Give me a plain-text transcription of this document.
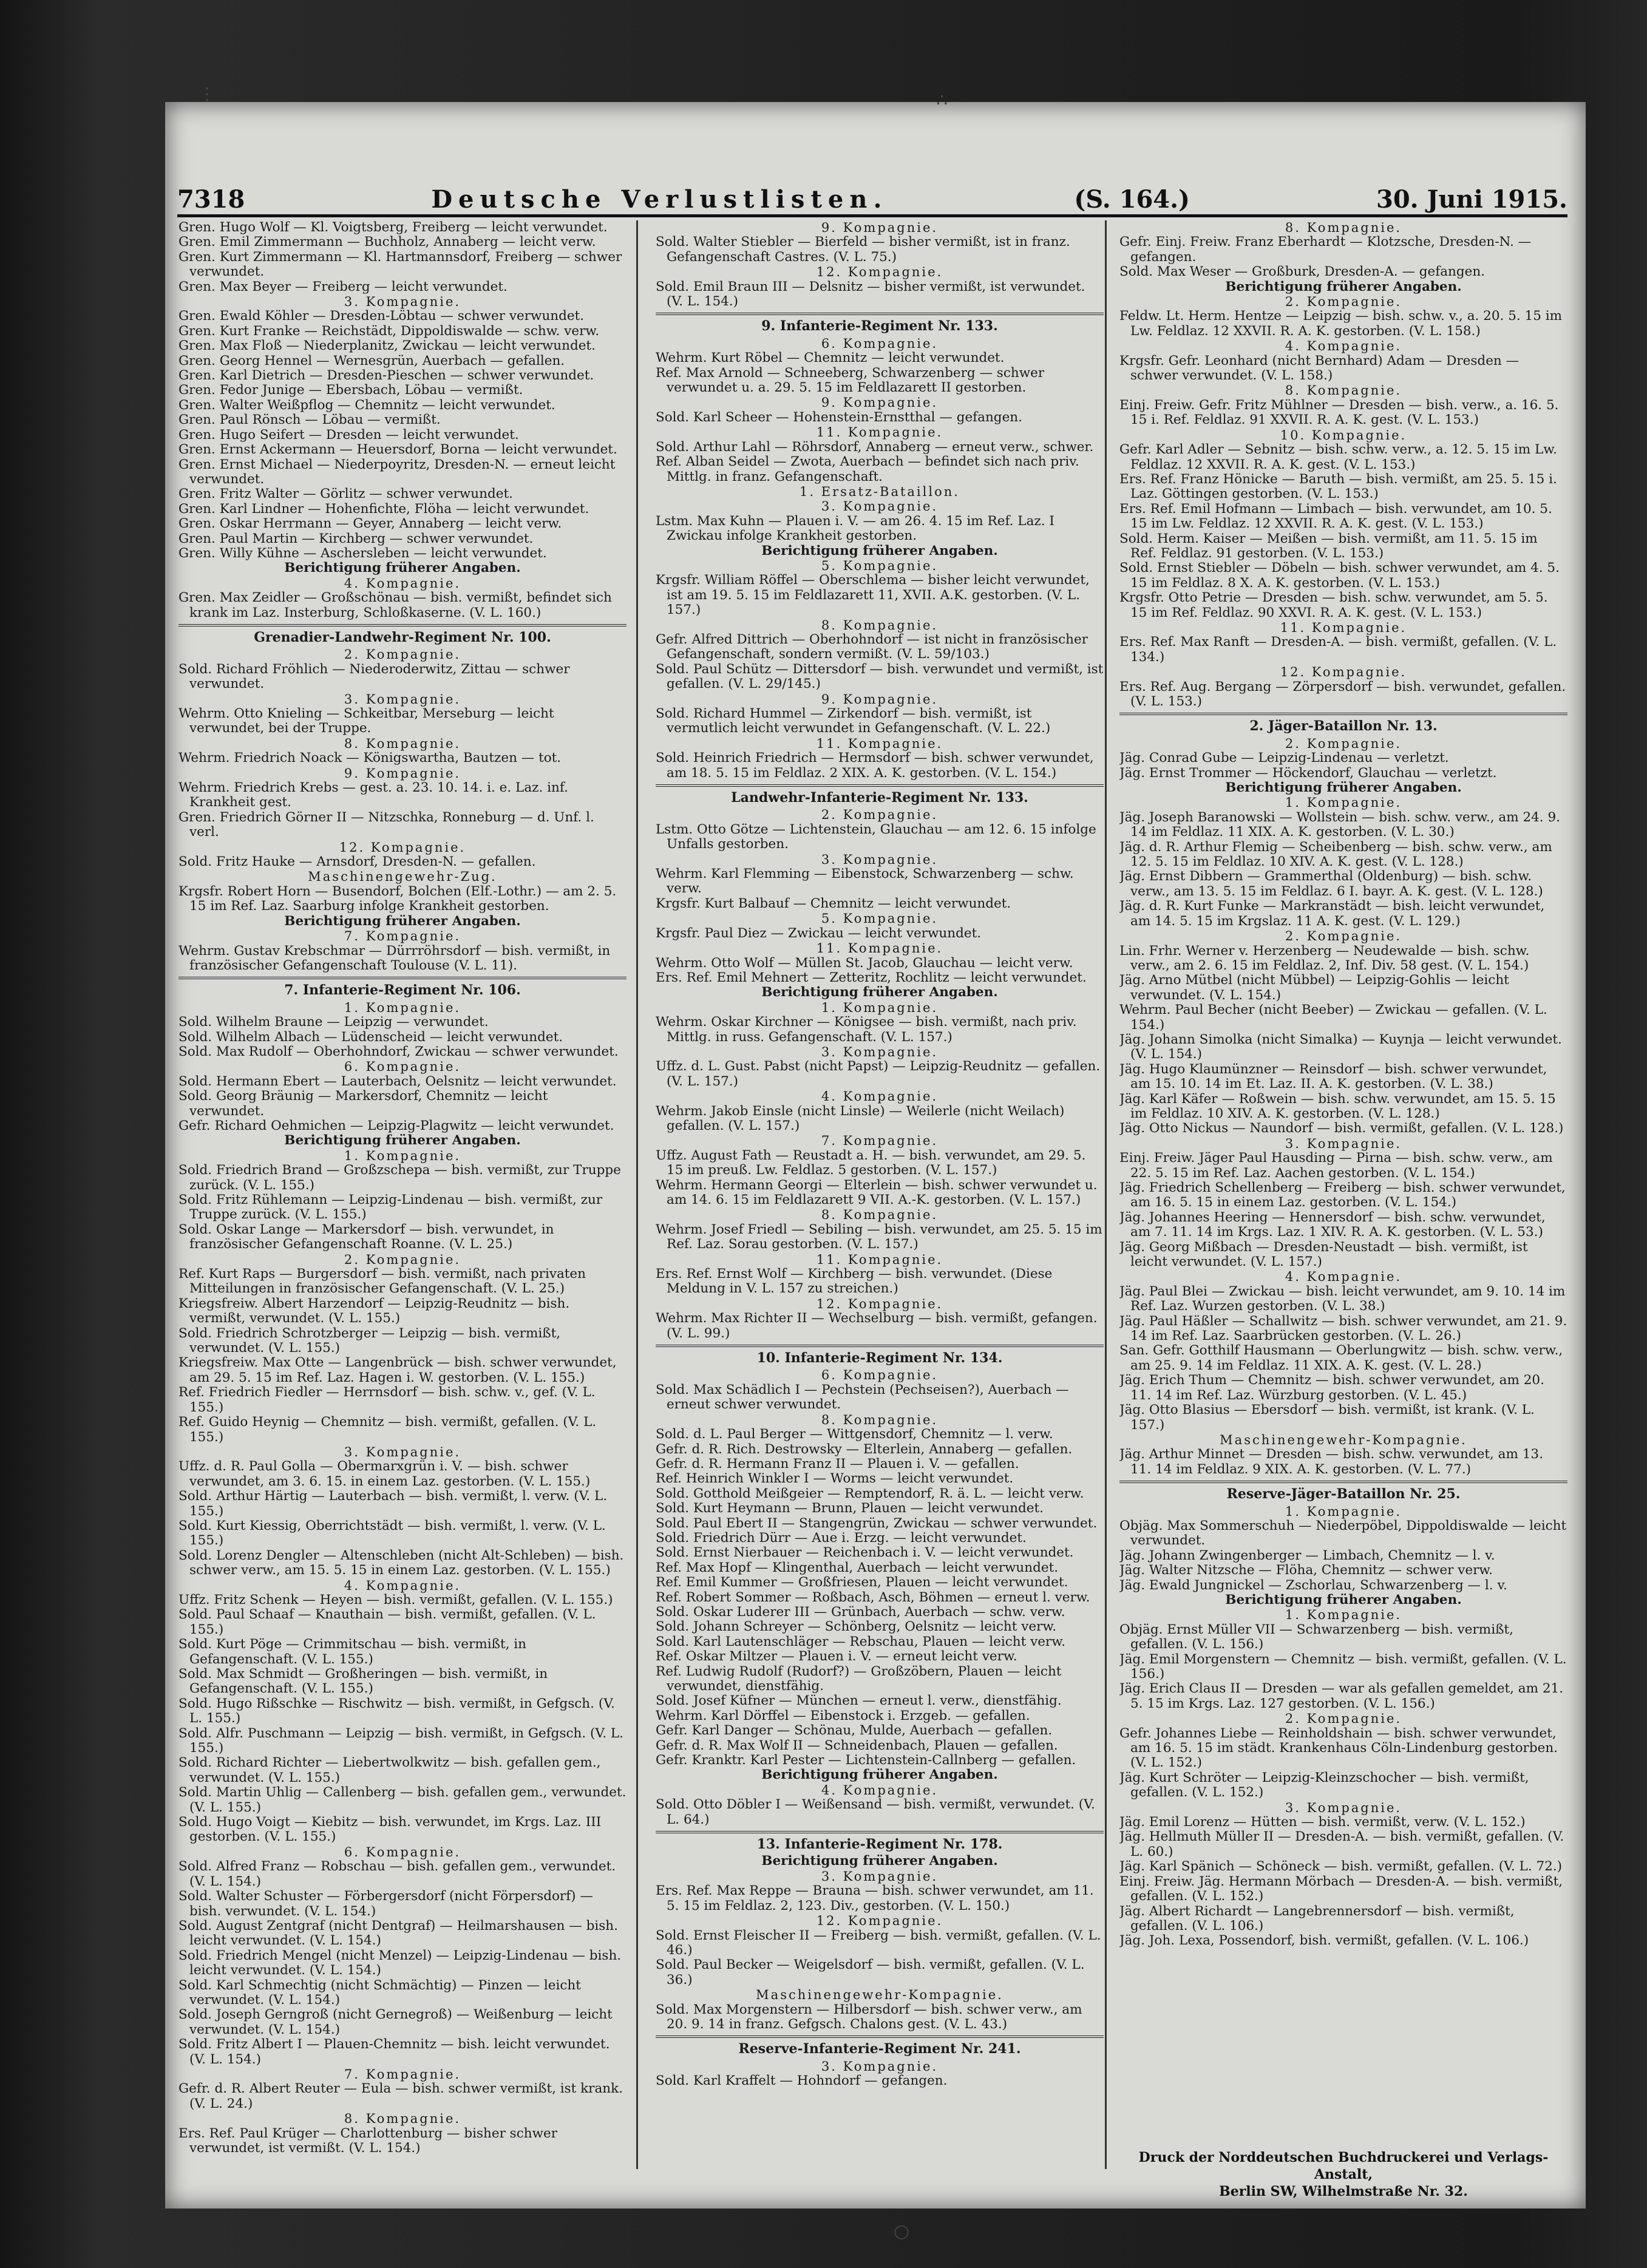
⋮	∴
○
7318	Deutsche Verlustlisten.	(S. 164.)	30. Juni 1915.
Gren. Hugo Wolf — Kl. Voigtsberg, Freiberg — leicht verwundet.
Gren. Emil Zimmermann — Buchholz, Annaberg — leicht verw.
Gren. Kurt Zimmermann — Kl. Hartmannsdorf, Freiberg — schwer verwundet.
Gren. Max Beyer — Freiberg — leicht verwundet.
3. Kompagnie.
Gren. Ewald Köhler — Dresden-Löbtau — schwer verwundet.
Gren. Kurt Franke — Reichstädt, Dippoldiswalde — schw. verw.
Gren. Max Floß — Niederplanitz, Zwickau — leicht verwundet.
Gren. Georg Hennel — Wernesgrün, Auerbach — gefallen.
Gren. Karl Dietrich — Dresden-Pieschen — schwer verwundet.
Gren. Fedor Junige — Ebersbach, Löbau — vermißt.
Gren. Walter Weißpflog — Chemnitz — leicht verwundet.
Gren. Paul Rönsch — Löbau — vermißt.
Gren. Hugo Seifert — Dresden — leicht verwundet.
Gren. Ernst Ackermann — Heuersdorf, Borna — leicht verwundet.
Gren. Ernst Michael — Niederpoyritz, Dresden-N. — erneut leicht verwundet.
Gren. Fritz Walter — Görlitz — schwer verwundet.
Gren. Karl Lindner — Hohenfichte, Flöha — leicht verwundet.
Gren. Oskar Herrmann — Geyer, Annaberg — leicht verw.
Gren. Paul Martin — Kirchberg — schwer verwundet.
Gren. Willy Kühne — Aschersleben — leicht verwundet.
Berichtigung früherer Angaben.
4. Kompagnie.
Gren. Max Zeidler — Großschönau — bish. vermißt, befindet sich krank im Laz. Insterburg, Schloßkaserne. (V. L. 160.)
Grenadier-Landwehr-Regiment Nr. 100.
2. Kompagnie.
Sold. Richard Fröhlich — Niederoderwitz, Zittau — schwer verwundet.
3. Kompagnie.
Wehrm. Otto Knieling — Schkeitbar, Merseburg — leicht verwundet, bei der Truppe.
8. Kompagnie.
Wehrm. Friedrich Noack — Königswartha, Bautzen — tot.
9. Kompagnie.
Wehrm. Friedrich Krebs — gest. a. 23. 10. 14. i. e. Laz. inf. Krankheit gest.
Gren. Friedrich Görner II — Nitzschka, Ronneburg — d. Unf. l. verl.
12. Kompagnie.
Sold. Fritz Hauke — Arnsdorf, Dresden-N. — gefallen.
Maschinengewehr-Zug.
Krgsfr. Robert Horn — Busendorf, Bolchen (Elf.-Lothr.) — am 2. 5. 15 im Ref. Laz. Saarburg infolge Krankheit gestorben.
Berichtigung früherer Angaben.
7. Kompagnie.
Wehrm. Gustav Krebschmar — Dürrröhrsdorf — bish. vermißt, in französischer Gefangenschaft Toulouse (V. L. 11).
7. Infanterie-Regiment Nr. 106.
1. Kompagnie.
Sold. Wilhelm Braune — Leipzig — verwundet.
Sold. Wilhelm Albach — Lüdenscheid — leicht verwundet.
Sold. Max Rudolf — Oberhohndorf, Zwickau — schwer verwundet.
6. Kompagnie.
Sold. Hermann Ebert — Lauterbach, Oelsnitz — leicht verwundet.
Sold. Georg Bräunig — Markersdorf, Chemnitz — leicht verwundet.
Gefr. Richard Oehmichen — Leipzig-Plagwitz — leicht verwundet.
Berichtigung früherer Angaben.
1. Kompagnie.
Sold. Friedrich Brand — Großzschepa — bish. vermißt, zur Truppe zurück. (V. L. 155.)
Sold. Fritz Rühlemann — Leipzig-Lindenau — bish. vermißt, zur Truppe zurück. (V. L. 155.)
Sold. Oskar Lange — Markersdorf — bish. verwundet, in französischer Gefangenschaft Roanne. (V. L. 25.)
2. Kompagnie.
Ref. Kurt Raps — Burgersdorf — bish. vermißt, nach privaten Mitteilungen in französischer Gefangenschaft. (V. L. 25.)
Kriegsfreiw. Albert Harzendorf — Leipzig-Reudnitz — bish. vermißt, verwundet. (V. L. 155.)
Sold. Friedrich Schrotzberger — Leipzig — bish. vermißt, verwundet. (V. L. 155.)
Kriegsfreiw. Max Otte — Langenbrück — bish. schwer verwundet, am 29. 5. 15 im Ref. Laz. Hagen i. W. gestorben. (V. L. 155.)
Ref. Friedrich Fiedler — Herrnsdorf — bish. schw. v., gef. (V. L. 155.)
Ref. Guido Heynig — Chemnitz — bish. vermißt, gefallen. (V. L. 155.)
3. Kompagnie.
Uffz. d. R. Paul Golla — Obermarxgrün i. V. — bish. schwer verwundet, am 3. 6. 15. in einem Laz. gestorben. (V. L. 155.)
Sold. Arthur Härtig — Lauterbach — bish. vermißt, l. verw. (V. L. 155.)
Sold. Kurt Kiessig, Oberrichtstädt — bish. vermißt, l. verw. (V. L. 155.)
Sold. Lorenz Dengler — Altenschleben (nicht Alt-Schleben) — bish. schwer verw., am 15. 5. 15 in einem Laz. gestorben. (V. L. 155.)
4. Kompagnie.
Uffz. Fritz Schenk — Heyen — bish. vermißt, gefallen. (V. L. 155.)
Sold. Paul Schaaf — Knauthain — bish. vermißt, gefallen. (V. L. 155.)
Sold. Kurt Pöge — Crimmitschau — bish. vermißt, in Gefangenschaft. (V. L. 155.)
Sold. Max Schmidt — Großheringen — bish. vermißt, in Gefangenschaft. (V. L. 155.)
Sold. Hugo Rißschke — Rischwitz — bish. vermißt, in Gefgsch. (V. L. 155.)
Sold. Alfr. Puschmann — Leipzig — bish. vermißt, in Gefgsch. (V. L. 155.)
Sold. Richard Richter — Liebertwolkwitz — bish. gefallen gem., verwundet. (V. L. 155.)
Sold. Martin Uhlig — Callenberg — bish. gefallen gem., verwundet. (V. L. 155.)
Sold. Hugo Voigt — Kiebitz — bish. verwundet, im Krgs. Laz. III gestorben. (V. L. 155.)
6. Kompagnie.
Sold. Alfred Franz — Robschau — bish. gefallen gem., verwundet. (V. L. 154.)
Sold. Walter Schuster — Förbergersdorf (nicht Förpersdorf) — bish. verwundet. (V. L. 154.)
Sold. August Zentgraf (nicht Dentgraf) — Heilmarshausen — bish. leicht verwundet. (V. L. 154.)
Sold. Friedrich Mengel (nicht Menzel) — Leipzig-Lindenau — bish. leicht verwundet. (V. L. 154.)
Sold. Karl Schmechtig (nicht Schmächtig) — Pinzen — leicht verwundet. (V. L. 154.)
Sold. Joseph Gerngroß (nicht Gernegroß) — Weißenburg — leicht verwundet. (V. L. 154.)
Sold. Fritz Albert I — Plauen-Chemnitz — bish. leicht verwundet. (V. L. 154.)
7. Kompagnie.
Gefr. d. R. Albert Reuter — Eula — bish. schwer vermißt, ist krank. (V. L. 24.)
8. Kompagnie.
Ers. Ref. Paul Krüger — Charlottenburg — bisher schwer verwundet, ist vermißt. (V. L. 154.)
9. Kompagnie.
Sold. Walter Stiebler — Bierfeld — bisher vermißt, ist in franz. Gefangenschaft Castres. (V. L. 75.)
12. Kompagnie.
Sold. Emil Braun III — Delsnitz — bisher vermißt, ist verwundet. (V. L. 154.)
9. Infanterie-Regiment Nr. 133.
6. Kompagnie.
Wehrm. Kurt Röbel — Chemnitz — leicht verwundet.
Ref. Max Arnold — Schneeberg, Schwarzenberg — schwer verwundet u. a. 29. 5. 15 im Feldlazarett II gestorben.
9. Kompagnie.
Sold. Karl Scheer — Hohenstein-Ernstthal — gefangen.
11. Kompagnie.
Sold. Arthur Lahl — Röhrsdorf, Annaberg — erneut verw., schwer.
Ref. Alban Seidel — Zwota, Auerbach — befindet sich nach priv. Mittlg. in franz. Gefangenschaft.
1. Ersatz-Bataillon.
3. Kompagnie.
Lstm. Max Kuhn — Plauen i. V. — am 26. 4. 15 im Ref. Laz. I Zwickau infolge Krankheit gestorben.
Berichtigung früherer Angaben.
5. Kompagnie.
Krgsfr. William Röffel — Oberschlema — bisher leicht verwundet, ist am 19. 5. 15 im Feldlazarett 11, XVII. A.K. gestorben. (V. L. 157.)
8. Kompagnie.
Gefr. Alfred Dittrich — Oberhohndorf — ist nicht in französischer Gefangenschaft, sondern vermißt. (V. L. 59/103.)
Sold. Paul Schütz — Dittersdorf — bish. verwundet und vermißt, ist gefallen. (V. L. 29/145.)
9. Kompagnie.
Sold. Richard Hummel — Zirkendorf — bish. vermißt, ist vermutlich leicht verwundet in Gefangenschaft. (V. L. 22.)
11. Kompagnie.
Sold. Heinrich Friedrich — Hermsdorf — bish. schwer verwundet, am 18. 5. 15 im Feldlaz. 2 XIX. A. K. gestorben. (V. L. 154.)
Landwehr-Infanterie-Regiment Nr. 133.
2. Kompagnie.
Lstm. Otto Götze — Lichtenstein, Glauchau — am 12. 6. 15 infolge Unfalls gestorben.
3. Kompagnie.
Wehrm. Karl Flemming — Eibenstock, Schwarzenberg — schw. verw.
Krgsfr. Kurt Balbauf — Chemnitz — leicht verwundet.
5. Kompagnie.
Krgsfr. Paul Diez — Zwickau — leicht verwundet.
11. Kompagnie.
Wehrm. Otto Wolf — Müllen St. Jacob, Glauchau — leicht verw.
Ers. Ref. Emil Mehnert — Zetteritz, Rochlitz — leicht verwundet.
Berichtigung früherer Angaben.
1. Kompagnie.
Wehrm. Oskar Kirchner — Königsee — bish. vermißt, nach priv. Mittlg. in russ. Gefangenschaft. (V. L. 157.)
3. Kompagnie.
Uffz. d. L. Gust. Pabst (nicht Papst) — Leipzig-Reudnitz — gefallen. (V. L. 157.)
4. Kompagnie.
Wehrm. Jakob Einsle (nicht Linsle) — Weilerle (nicht Weilach) gefallen. (V. L. 157.)
7. Kompagnie.
Uffz. August Fath — Reustadt a. H. — bish. verwundet, am 29. 5. 15 im preuß. Lw. Feldlaz. 5 gestorben. (V. L. 157.)
Wehrm. Hermann Georgi — Elterlein — bish. schwer verwundet u. am 14. 6. 15 im Feldlazarett 9 VII. A.-K. gestorben. (V. L. 157.)
8. Kompagnie.
Wehrm. Josef Friedl — Sebiling — bish. verwundet, am 25. 5. 15 im Ref. Laz. Sorau gestorben. (V. L. 157.)
11. Kompagnie.
Ers. Ref. Ernst Wolf — Kirchberg — bish. verwundet. (Diese Meldung in V. L. 157 zu streichen.)
12. Kompagnie.
Wehrm. Max Richter II — Wechselburg — bish. vermißt, gefangen. (V. L. 99.)
10. Infanterie-Regiment Nr. 134.
6. Kompagnie.
Sold. Max Schädlich I — Pechstein (Pechseisen?), Auerbach — erneut schwer verwundet.
8. Kompagnie.
Sold. d. L. Paul Berger — Wittgensdorf, Chemnitz — l. verw.
Gefr. d. R. Rich. Destrowsky — Elterlein, Annaberg — gefallen.
Gefr. d. R. Hermann Franz II — Plauen i. V. — gefallen.
Ref. Heinrich Winkler I — Worms — leicht verwundet.
Sold. Gotthold Meißgeier — Remptendorf, R. ä. L. — leicht verw.
Sold. Kurt Heymann — Brunn, Plauen — leicht verwundet.
Sold. Paul Ebert II — Stangengrün, Zwickau — schwer verwundet.
Sold. Friedrich Dürr — Aue i. Erzg. — leicht verwundet.
Sold. Ernst Nierbauer — Reichenbach i. V. — leicht verwundet.
Ref. Max Hopf — Klingenthal, Auerbach — leicht verwundet.
Ref. Emil Kummer — Großfriesen, Plauen — leicht verwundet.
Ref. Robert Sommer — Roßbach, Asch, Böhmen — erneut l. verw.
Sold. Oskar Luderer III — Grünbach, Auerbach — schw. verw.
Sold. Johann Schreyer — Schönberg, Oelsnitz — leicht verw.
Sold. Karl Lautenschläger — Rebschau, Plauen — leicht verw.
Ref. Oskar Miltzer — Plauen i. V. — erneut leicht verw.
Ref. Ludwig Rudolf (Rudorf?) — Großzöbern, Plauen — leicht verwundet, dienstfähig.
Sold. Josef Küfner — München — erneut l. verw., dienstfähig.
Wehrm. Karl Dörffel — Eibenstock i. Erzgeb. — gefallen.
Gefr. Karl Danger — Schönau, Mulde, Auerbach — gefallen.
Gefr. d. R. Max Wolf II — Schneidenbach, Plauen — gefallen.
Gefr. Kranktr. Karl Pester — Lichtenstein-Callnberg — gefallen.
Berichtigung früherer Angaben.
4. Kompagnie.
Sold. Otto Döbler I — Weißensand — bish. vermißt, verwundet. (V. L. 64.)
13. Infanterie-Regiment Nr. 178.
Berichtigung früherer Angaben.
3. Kompagnie.
Ers. Ref. Max Reppe — Brauna — bish. schwer verwundet, am 11. 5. 15 im Feldlaz. 2, 123. Div., gestorben. (V. L. 150.)
12. Kompagnie.
Sold. Ernst Fleischer II — Freiberg — bish. vermißt, gefallen. (V. L. 46.)
Sold. Paul Becker — Weigelsdorf — bish. vermißt, gefallen. (V. L. 36.)
Maschinengewehr-Kompagnie.
Sold. Max Morgenstern — Hilbersdorf — bish. schwer verw., am 20. 9. 14 in franz. Gefgsch. Chalons gest. (V. L. 43.)
Reserve-Infanterie-Regiment Nr. 241.
3. Kompagnie.
Sold. Karl Kraffelt — Hohndorf — gefangen.
8. Kompagnie.
Gefr. Einj. Freiw. Franz Eberhardt — Klotzsche, Dresden-N. — gefangen.
Sold. Max Weser — Großburk, Dresden-A. — gefangen.
Berichtigung früherer Angaben.
2. Kompagnie.
Feldw. Lt. Herm. Hentze — Leipzig — bish. schw. v., a. 20. 5. 15 im Lw. Feldlaz. 12 XXVII. R. A. K. gestorben. (V. L. 158.)
4. Kompagnie.
Krgsfr. Gefr. Leonhard (nicht Bernhard) Adam — Dresden — schwer verwundet. (V. L. 158.)
8. Kompagnie.
Einj. Freiw. Gefr. Fritz Mühlner — Dresden — bish. verw., a. 16. 5. 15 i. Ref. Feldlaz. 91 XXVII. R. A. K. gest. (V. L. 153.)
10. Kompagnie.
Gefr. Karl Adler — Sebnitz — bish. schw. verw., a. 12. 5. 15 im Lw. Feldlaz. 12 XXVII. R. A. K. gest. (V. L. 153.)
Ers. Ref. Franz Hönicke — Baruth — bish. vermißt, am 25. 5. 15 i. Laz. Göttingen gestorben. (V. L. 153.)
Ers. Ref. Emil Hofmann — Limbach — bish. verwundet, am 10. 5. 15 im Lw. Feldlaz. 12 XXVII. R. A. K. gest. (V. L. 153.)
Sold. Herm. Kaiser — Meißen — bish. vermißt, am 11. 5. 15 im Ref. Feldlaz. 91 gestorben. (V. L. 153.)
Sold. Ernst Stiebler — Döbeln — bish. schwer verwundet, am 4. 5. 15 im Feldlaz. 8 X. A. K. gestorben. (V. L. 153.)
Krgsfr. Otto Petrie — Dresden — bish. schw. verwundet, am 5. 5. 15 im Ref. Feldlaz. 90 XXVI. R. A. K. gest. (V. L. 153.)
11. Kompagnie.
Ers. Ref. Max Ranft — Dresden-A. — bish. vermißt, gefallen. (V. L. 134.)
12. Kompagnie.
Ers. Ref. Aug. Bergang — Zörpersdorf — bish. verwundet, gefallen. (V. L. 153.)
2. Jäger-Bataillon Nr. 13.
2. Kompagnie.
Jäg. Conrad Gube — Leipzig-Lindenau — verletzt.
Jäg. Ernst Trommer — Höckendorf, Glauchau — verletzt.
Berichtigung früherer Angaben.
1. Kompagnie.
Jäg. Joseph Baranowski — Wollstein — bish. schw. verw., am 24. 9. 14 im Feldlaz. 11 XIX. A. K. gestorben. (V. L. 30.)
Jäg. d. R. Arthur Flemig — Scheibenberg — bish. schw. verw., am 12. 5. 15 im Feldlaz. 10 XIV. A. K. gest. (V. L. 128.)
Jäg. Ernst Dibbern — Grammerthal (Oldenburg) — bish. schw. verw., am 13. 5. 15 im Feldlaz. 6 I. bayr. A. K. gest. (V. L. 128.)
Jäg. d. R. Kurt Funke — Markranstädt — bish. leicht verwundet, am 14. 5. 15 im Krgslaz. 11 A. K. gest. (V. L. 129.)
2. Kompagnie.
Lin. Frhr. Werner v. Herzenberg — Neudewalde — bish. schw. verw., am 2. 6. 15 im Feldlaz. 2, Inf. Div. 58 gest. (V. L. 154.)
Jäg. Arno Mütbel (nicht Mübbel) — Leipzig-Gohlis — leicht verwundet. (V. L. 154.)
Wehrm. Paul Becher (nicht Beeber) — Zwickau — gefallen. (V. L. 154.)
Jäg. Johann Simolka (nicht Simalka) — Kuynja — leicht verwundet. (V. L. 154.)
Jäg. Hugo Klaumünzner — Reinsdorf — bish. schwer verwundet, am 15. 10. 14 im Et. Laz. II. A. K. gestorben. (V. L. 38.)
Jäg. Karl Käfer — Roßwein — bish. schw. verwundet, am 15. 5. 15 im Feldlaz. 10 XIV. A. K. gestorben. (V. L. 128.)
Jäg. Otto Nickus — Naundorf — bish. vermißt, gefallen. (V. L. 128.)
3. Kompagnie.
Einj. Freiw. Jäger Paul Hausding — Pirna — bish. schw. verw., am 22. 5. 15 im Ref. Laz. Aachen gestorben. (V. L. 154.)
Jäg. Friedrich Schellenberg — Freiberg — bish. schwer verwundet, am 16. 5. 15 in einem Laz. gestorben. (V. L. 154.)
Jäg. Johannes Heering — Hennersdorf — bish. schw. verwundet, am 7. 11. 14 im Krgs. Laz. 1 XIV. R. A. K. gestorben. (V. L. 53.)
Jäg. Georg Mißbach — Dresden-Neustadt — bish. vermißt, ist leicht verwundet. (V. L. 157.)
4. Kompagnie.
Jäg. Paul Blei — Zwickau — bish. leicht verwundet, am 9. 10. 14 im Ref. Laz. Wurzen gestorben. (V. L. 38.)
Jäg. Paul Häßler — Schallwitz — bish. schwer verwundet, am 21. 9. 14 im Ref. Laz. Saarbrücken gestorben. (V. L. 26.)
San. Gefr. Gotthilf Hausmann — Oberlungwitz — bish. schw. verw., am 25. 9. 14 im Feldlaz. 11 XIX. A. K. gest. (V. L. 28.)
Jäg. Erich Thum — Chemnitz — bish. schwer verwundet, am 20. 11. 14 im Ref. Laz. Würzburg gestorben. (V. L. 45.)
Jäg. Otto Blasius — Ebersdorf — bish. vermißt, ist krank. (V. L. 157.)
Maschinengewehr-Kompagnie.
Jäg. Arthur Minnet — Dresden — bish. schw. verwundet, am 13. 11. 14 im Feldlaz. 9 XIX. A. K. gestorben. (V. L. 77.)
Reserve-Jäger-Bataillon Nr. 25.
1. Kompagnie.
Objäg. Max Sommerschuh — Niederpöbel, Dippoldiswalde — leicht verwundet.
Jäg. Johann Zwingenberger — Limbach, Chemnitz — l. v.
Jäg. Walter Nitzsche — Flöha, Chemnitz — schwer verw.
Jäg. Ewald Jungnickel — Zschorlau, Schwarzenberg — l. v.
Berichtigung früherer Angaben.
1. Kompagnie.
Objäg. Ernst Müller VII — Schwarzenberg — bish. vermißt, gefallen. (V. L. 156.)
Jäg. Emil Morgenstern — Chemnitz — bish. vermißt, gefallen. (V. L. 156.)
Jäg. Erich Claus II — Dresden — war als gefallen gemeldet, am 21. 5. 15 im Krgs. Laz. 127 gestorben. (V. L. 156.)
2. Kompagnie.
Gefr. Johannes Liebe — Reinholdshain — bish. schwer verwundet, am 16. 5. 15 im städt. Krankenhaus Cöln-Lindenburg gestorben. (V. L. 152.)
Jäg. Kurt Schröter — Leipzig-Kleinzschocher — bish. vermißt, gefallen. (V. L. 152.)
3. Kompagnie.
Jäg. Emil Lorenz — Hütten — bish. vermißt, verw. (V. L. 152.)
Jäg. Hellmuth Müller II — Dresden-A. — bish. vermißt, gefallen. (V. L. 60.)
Jäg. Karl Spänich — Schöneck — bish. vermißt, gefallen. (V. L. 72.)
Einj. Freiw. Jäg. Hermann Mörbach — Dresden-A. — bish. vermißt, gefallen. (V. L. 152.)
Jäg. Albert Richardt — Langebrennersdorf — bish. vermißt, gefallen. (V. L. 106.)
Jäg. Joh. Lexa, Possendorf, bish. vermißt, gefallen. (V. L. 106.)
Druck der Norddeutschen Buchdruckerei und Verlags-Anstalt,
Berlin SW, Wilhelmstraße Nr. 32.
